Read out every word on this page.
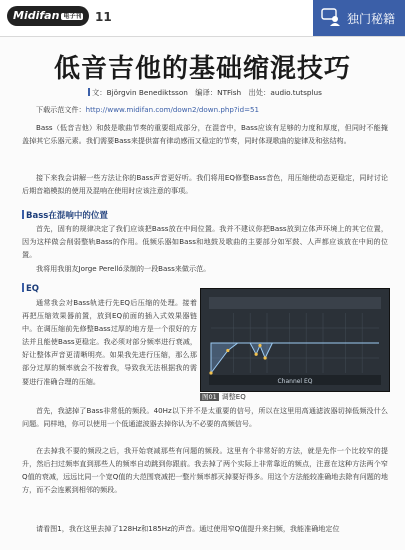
Midifan 电子刊	11	独门秘籍
低音吉他的基础缩混技巧
文：Björgvin Benediktsson　编译：NTFish　出处：audio.tutsplus
下载示范文件：http://www.midifan.com/down2/down.php?id=51
Bass（低音吉他）和鼓是歌曲节奏的重要组成部分，在混音中，Bass应该有足够的力度和厚度，但同时不能掩盖掉其它乐器元素。我们需要Bass来提供富有律动感而又稳定的节奏，同时体现歌曲的旋律及和弦结构。
接下来我会讲解一些方法让你的Bass声音更好听。我们将用EQ修整Bass音色，用压缩使动态更稳定，同时讨论后期音箱模拟的使用及混响在使用时应该注意的事项。
Bass在混响中的位置
首先，固有的规律决定了我们应该把Bass放在中间位置。我并不建议你把Bass放到立体声环境上的其它位置，因为这样做会削弱整轨Bass的作用。低频乐器如Bass和地鼓及歌曲的主要部分如军鼓、人声都应该放在中间的位置。
我将用我朋友Jorge Perelló录制的一段Bass来做示范。
EQ
通常我会对Bass轨进行先EQ后压缩的处理。接着再把压缩效果器前置，放到EQ前面的插入式效果器链中。在调压缩前先修整Bass过厚的地方是一个很好的方法并且能使Bass更稳定。我必须对部分频率进行衰减，好让整体声音更清晰明亮。如果我先进行压缩，那么那部分过厚的频率就会不按着我，导致我无法根据我的需要进行准确合理的压缩。	Channel EQ
图01 调整EQ
首先，我滤掉了Bass非常低的频段。40Hz以下并不是太重要的信号，所以在这里用高通滤波器切掉低频没什么问题。同样地，你可以使用一个低通滤波器去掉你认为不必要的高频信号。
在去掉我不要的频段之后，我开始衰减那些有问题的频段。这里有个非常好的方法，就是先作一个比较窄的提升，然后扫过频率直到那些人的频率自动跳到你跟前。我去掉了两个实际上非常靠近的频点，注意在这种方法两个窄Q值的衰减，远远比同一个宽Q值的大范围衰减把一整片频率都灭掉要好得多。用这个方法能较准确地去除有问题的地方，而不会连累到相邻的频段。
请看图1，我在这里去掉了128Hz和185Hz的声音。通过使用窄Q值提升来扫频，我能准确地定位
